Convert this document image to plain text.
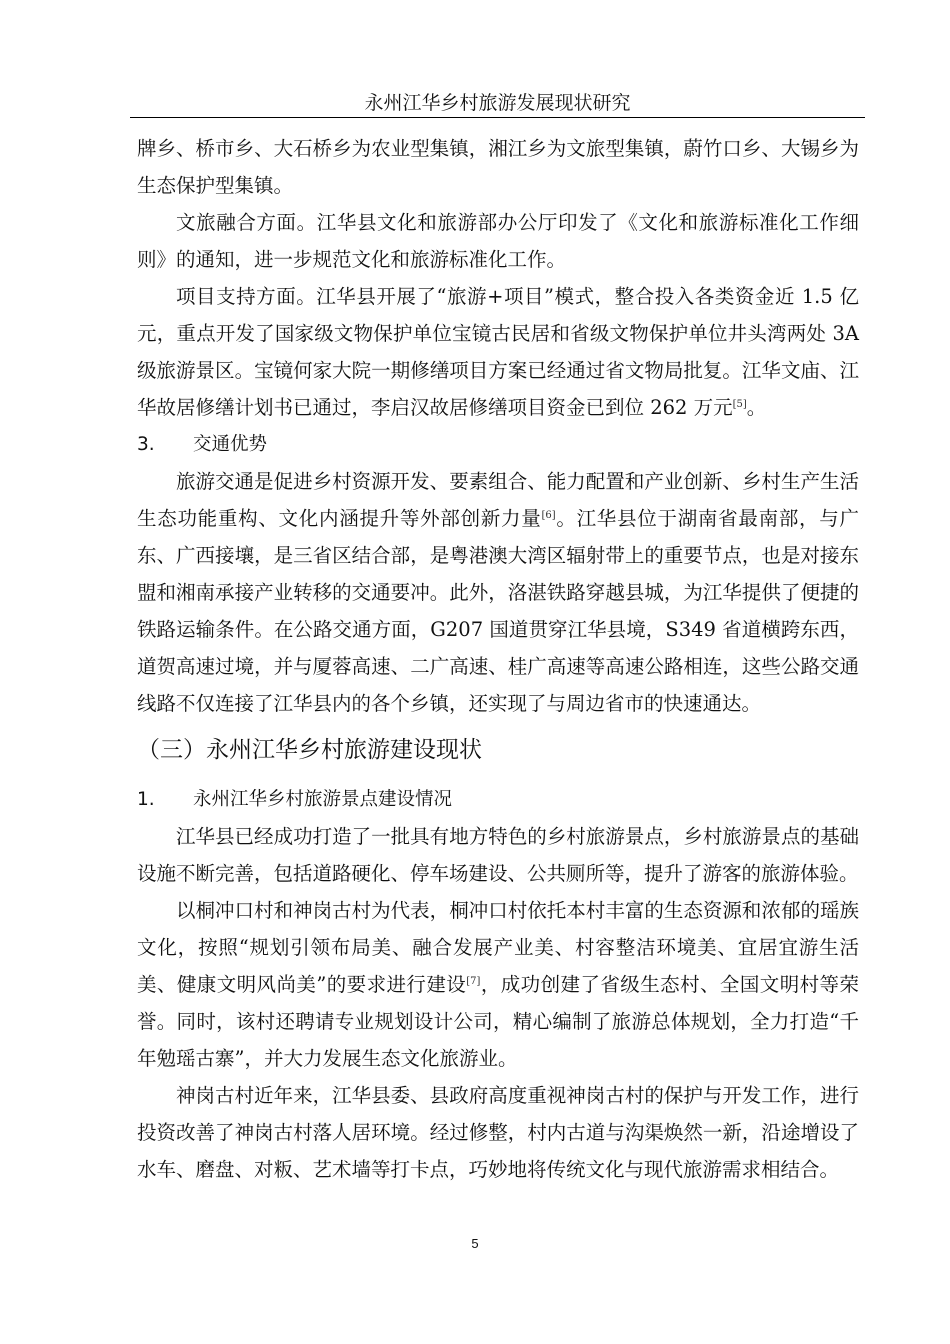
永州江华乡村旅游发展现状研究

牌乡、桥市乡、大石桥乡为农业型集镇，湘江乡为文旅型集镇，蔚竹口乡、大锡乡为生态保护型集镇。

文旅融合方面。江华县文化和旅游部办公厅印发了《文化和旅游标准化工作细则》的通知，进一步规范文化和旅游标准化工作。

项目支持方面。江华县开展了“旅游+项目”模式，整合投入各类资金近 1.5 亿元，重点开发了国家级文物保护单位宝镜古民居和省级文物保护单位井头湾两处 3A 级旅游景区。宝镜何家大院一期修缮项目方案已经通过省文物局批复。江华文庙、江华故居修缮计划书已通过，李启汉故居修缮项目资金已到位 262 万元[5]。

3.	交通优势

旅游交通是促进乡村资源开发、要素组合、能力配置和产业创新、乡村生产生活生态功能重构、文化内涵提升等外部创新力量[6]。江华县位于湖南省最南部，与广东、广西接壤，是三省区结合部，是粤港澳大湾区辐射带上的重要节点，也是对接东盟和湘南承接产业转移的交通要冲。此外，洛湛铁路穿越县城，为江华提供了便捷的铁路运输条件。在公路交通方面，G207 国道贯穿江华县境，S349 省道横跨东西，道贺高速过境，并与厦蓉高速、二广高速、桂广高速等高速公路相连，这些公路交通线路不仅连接了江华县内的各个乡镇，还实现了与周边省市的快速通达。

（三）永州江华乡村旅游建设现状
1.	永州江华乡村旅游景点建设情况

江华县已经成功打造了一批具有地方特色的乡村旅游景点，乡村旅游景点的基础设施不断完善，包括道路硬化、停车场建设、公共厕所等，提升了游客的旅游体验。

以桐冲口村和神岗古村为代表，桐冲口村依托本村丰富的生态资源和浓郁的瑶族文化，按照“规划引领布局美、融合发展产业美、村容整洁环境美、宜居宜游生活美、健康文明风尚美”的要求进行建设[7]，成功创建了省级生态村、全国文明村等荣誉。同时，该村还聘请专业规划设计公司，精心编制了旅游总体规划，全力打造“千年勉瑶古寨”，并大力发展生态文化旅游业。

神岗古村近年来，江华县委、县政府高度重视神岗古村的保护与开发工作，进行投资改善了神岗古村落人居环境。经过修整，村内古道与沟渠焕然一新，沿途增设了水车、磨盘、对粄、艺术墙等打卡点，巧妙地将传统文化与现代旅游需求相结合。

5
